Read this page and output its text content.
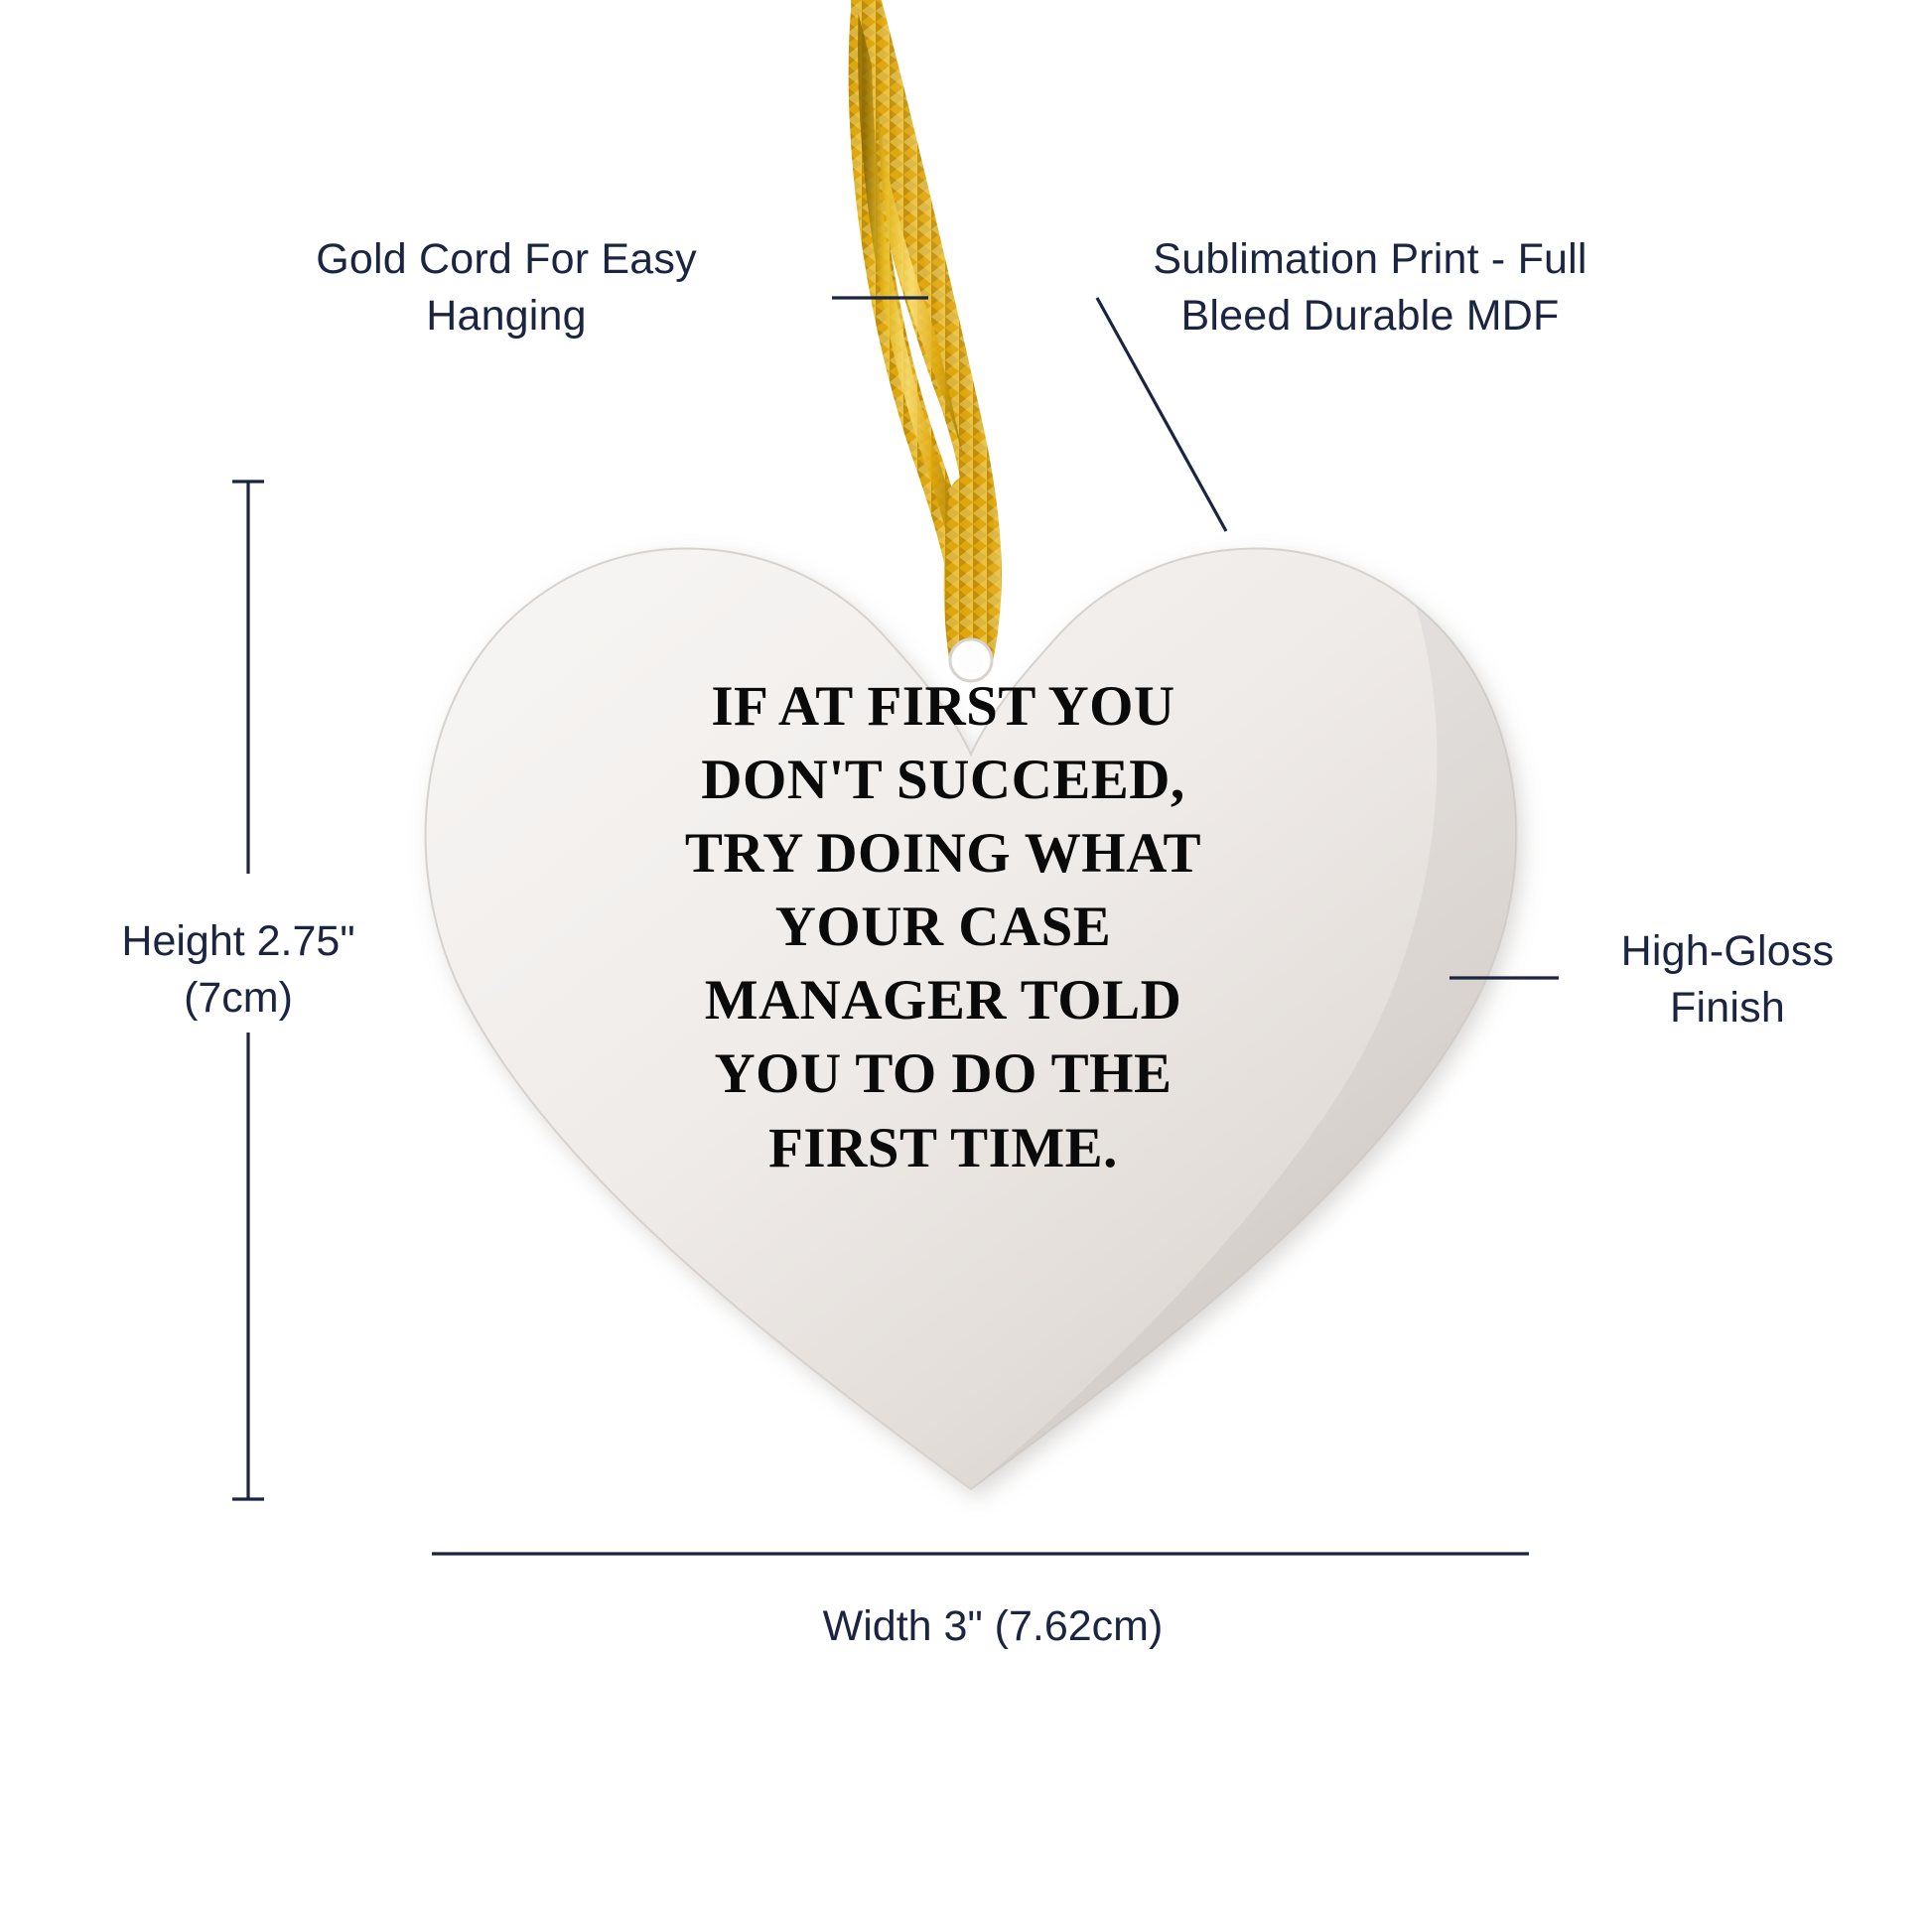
IF AT FIRST YOU DON'T SUCCEED, TRY DOING WHAT YOUR CASE MANAGER TOLD YOU TO DO THE FIRST TIME.
Gold Cord For Easy Hanging
Sublimation Print - Full Bleed Durable MDF
High-Gloss Finish
Height 2.75" (7cm)
Width 3" (7.62cm)
